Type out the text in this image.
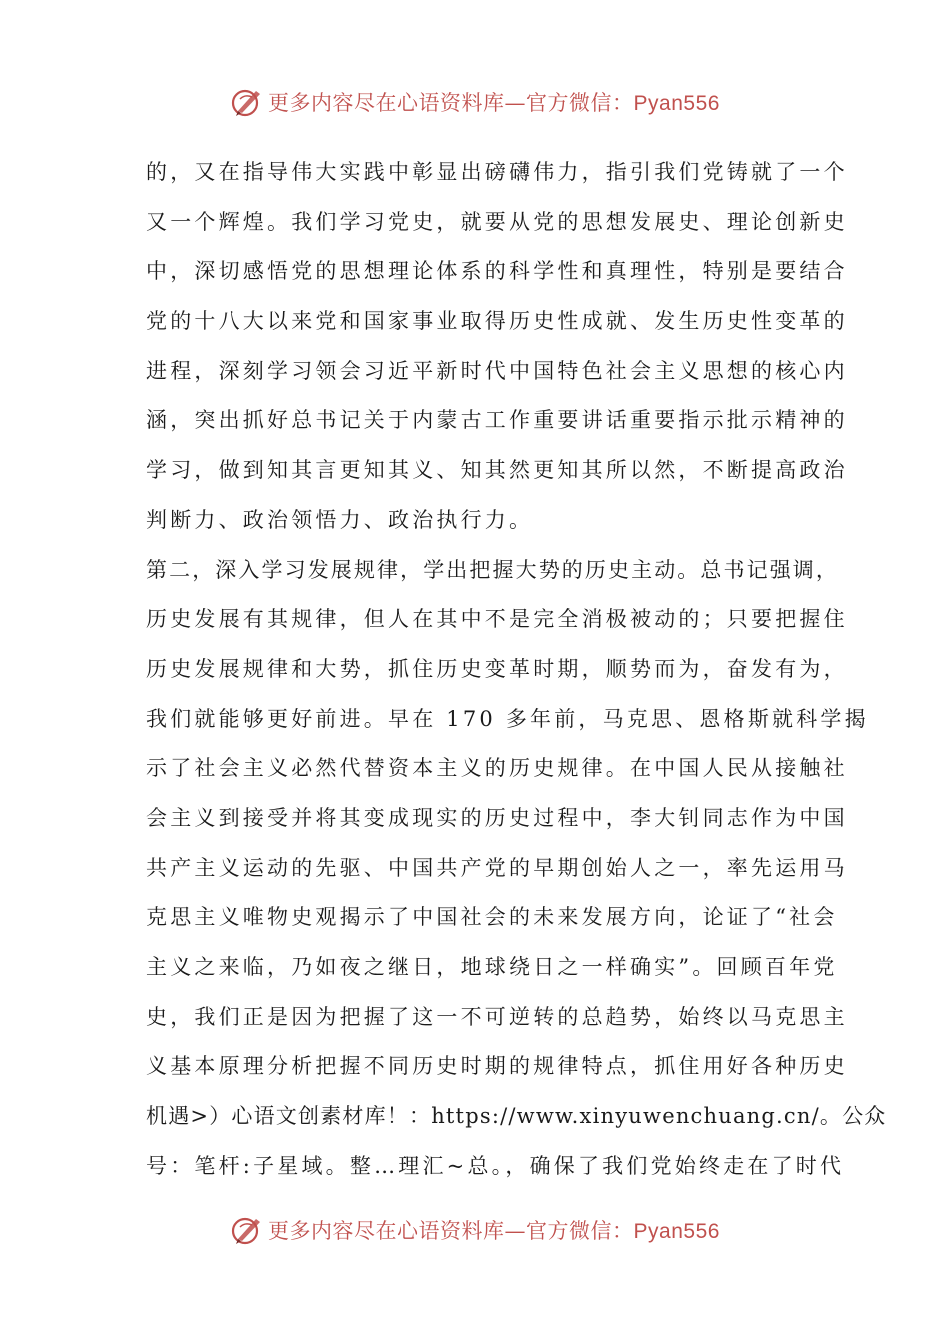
更多内容尽在心语资料库—官方微信：Pyan556
的，又在指导伟大实践中彰显出磅礴伟力，指引我们党铸就了一个
又一个辉煌。我们学习党史，就要从党的思想发展史、理论创新史
中，深切感悟党的思想理论体系的科学性和真理性，特别是要结合
党的十八大以来党和国家事业取得历史性成就、发生历史性变革的
进程，深刻学习领会习近平新时代中国特色社会主义思想的核心内
涵，突出抓好总书记关于内蒙古工作重要讲话重要指示批示精神的
学习，做到知其言更知其义、知其然更知其所以然，不断提高政治
判断力、政治领悟力、政治执行力。
第二，深入学习发展规律，学出把握大势的历史主动。总书记强调，
历史发展有其规律，但人在其中不是完全消极被动的；只要把握住
历史发展规律和大势，抓住历史变革时期，顺势而为，奋发有为，
我们就能够更好前进。早在 170 多年前，马克思、恩格斯就科学揭
示了社会主义必然代替资本主义的历史规律。在中国人民从接触社
会主义到接受并将其变成现实的历史过程中，李大钊同志作为中国
共产主义运动的先驱、中国共产党的早期创始人之一，率先运用马
克思主义唯物史观揭示了中国社会的未来发展方向，论证了“社会
主义之来临，乃如夜之继日，地球绕日之一样确实”。回顾百年党
史，我们正是因为把握了这一不可逆转的总趋势，始终以马克思主
义基本原理分析把握不同历史时期的规律特点，抓住用好各种历史
机遇>）心语文创素材库！：https://www.xinyuwenchuang.cn/。公众
号：笔杆:子星域。整…理汇~总。，确保了我们党始终走在了时代
更多内容尽在心语资料库—官方微信：Pyan556
